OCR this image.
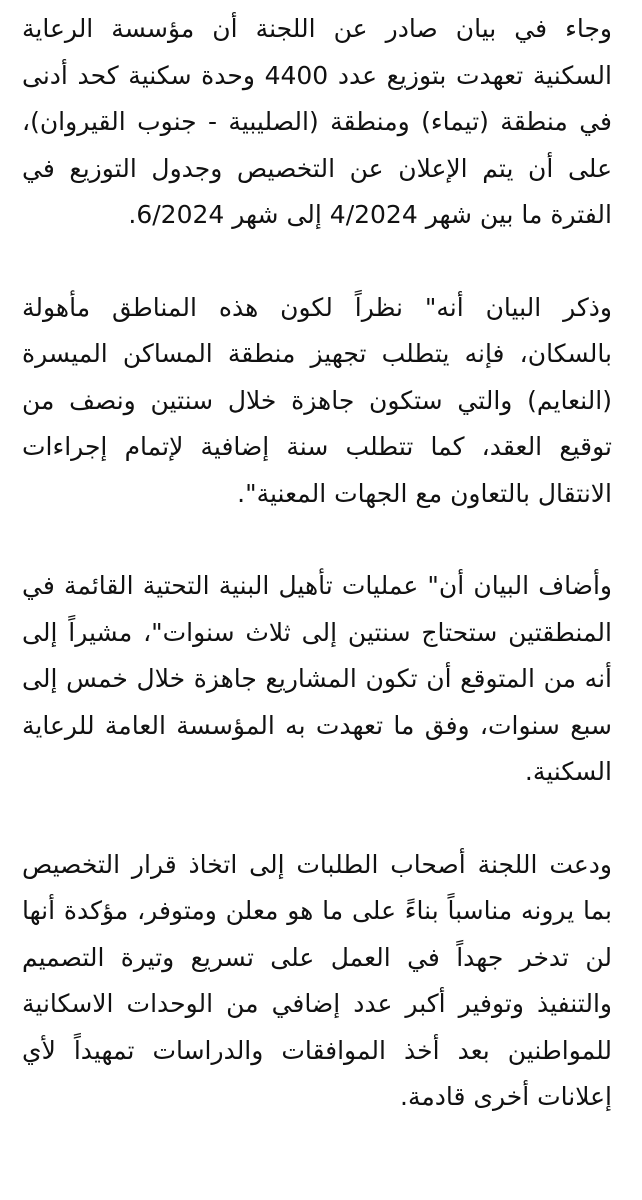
وجاء في بيان صادر عن اللجنة أن مؤسسة الرعاية السكنية تعهدت بتوزيع عدد 4400 وحدة سكنية كحد أدنى في منطقة (تيماء) ومنطقة (الصليبية - جنوب القيروان)، على أن يتم الإعلان عن التخصيص وجدول التوزيع في الفترة ما بين شهر 4/2024 إلى شهر 6/2024.

وذكر البيان أنه" نظراً لكون هذه المناطق مأهولة بالسكان، فإنه يتطلب تجهيز منطقة المساكن الميسرة (النعايم) والتي ستكون جاهزة خلال سنتين ونصف من توقيع العقد، كما تتطلب سنة إضافية لإتمام إجراءات الانتقال بالتعاون مع الجهات المعنية".

وأضاف البيان أن" عمليات تأهيل البنية التحتية القائمة في المنطقتين ستحتاج سنتين إلى ثلاث سنوات"، مشيراً إلى أنه من المتوقع أن تكون المشاريع جاهزة خلال خمس إلى سبع سنوات، وفق ما تعهدت به المؤسسة العامة للرعاية السكنية.

ودعت اللجنة أصحاب الطلبات إلى اتخاذ قرار التخصيص بما يرونه مناسباً بناءً على ما هو معلن ومتوفر، مؤكدة أنها لن تدخر جهداً في العمل على تسريع وتيرة التصميم والتنفيذ وتوفير أكبر عدد إضافي من الوحدات الاسكانية للمواطنين بعد أخذ الموافقات والدراسات تمهيداً لأي إعلانات أخرى قادمة.
